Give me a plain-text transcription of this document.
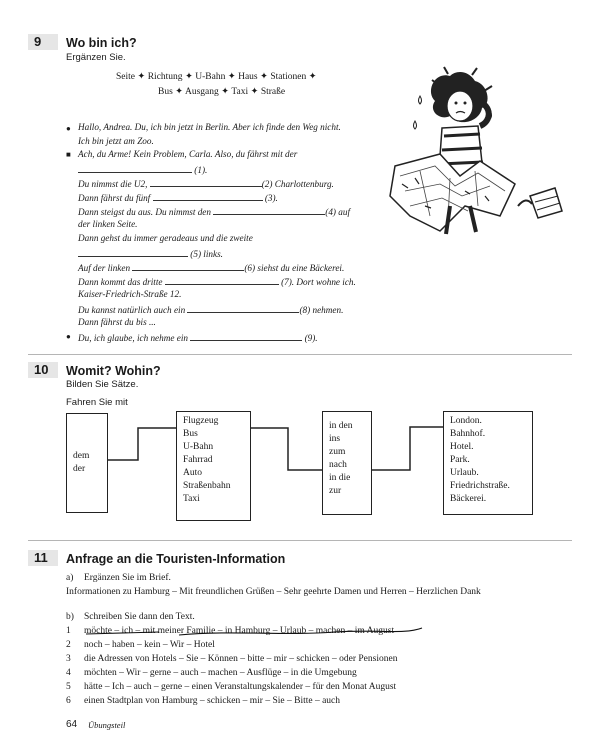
9	Wo bin ich?
Ergänzen Sie.
Seite ✦ Richtung ✦ U-Bahn ✦ Haus ✦ Stationen ✦
Bus ✦ Ausgang ✦ Taxi ✦ Straße
● Hallo, Andrea. Du, ich bin jetzt in Berlin. Aber ich finde den Weg nicht.
Ich bin jetzt am Zoo.
■ Ach, du Arme! Kein Problem, Carla. Also, du fährst mit der
(1).
Du nimmst die U2,	(2) Charlottenburg.
Dann fährst du fünf	(3).
Dann steigst du aus. Du nimmst den	(4) auf
der linken Seite.
Dann gehst du immer geradeaus und die zweite
(5) links.
Auf der linken	(6) siehst du eine Bäckerei.
Dann kommt das dritte	(7). Dort wohne ich.
Kaiser-Friedrich-Straße 12.
Du kannst natürlich auch ein	(8) nehmen.
Dann fährst du bis ...
● Du, ich glaube, ich nehme ein	(9).
10	Womit? Wohin?
Bilden Sie Sätze.
Fahren Sie mit
dem
der
Flugzeug
Bus
U-Bahn
Fahrrad
Auto
Straßenbahn
Taxi
in den
ins
zum
nach
in die
zur
London.
Bahnhof.
Hotel.
Park.
Urlaub.
Friedrichstraße.
Bäckerei.
11	Anfrage an die Touristen-Information
a) Ergänzen Sie im Brief.
Informationen zu Hamburg – Mit freundlichen Grüßen – Sehr geehrte Damen und Herren – Herzlichen Dank
b) Schreiben Sie dann den Text.
1 möchte – ich – mit meiner Familie – in Hamburg – Urlaub – machen – im August
2 noch – haben – kein – Wir – Hotel
3 die Adressen von Hotels – Sie – Können – bitte – mir – schicken – oder Pensionen
4 möchten – Wir – gerne – auch – machen – Ausflüge – in die Umgebung
5 hätte – Ich – auch – gerne – einen Veranstaltungskalender – für den Monat August
6 einen Stadtplan von Hamburg – schicken – mir – Sie – Bitte – auch
64 Übungsteil
